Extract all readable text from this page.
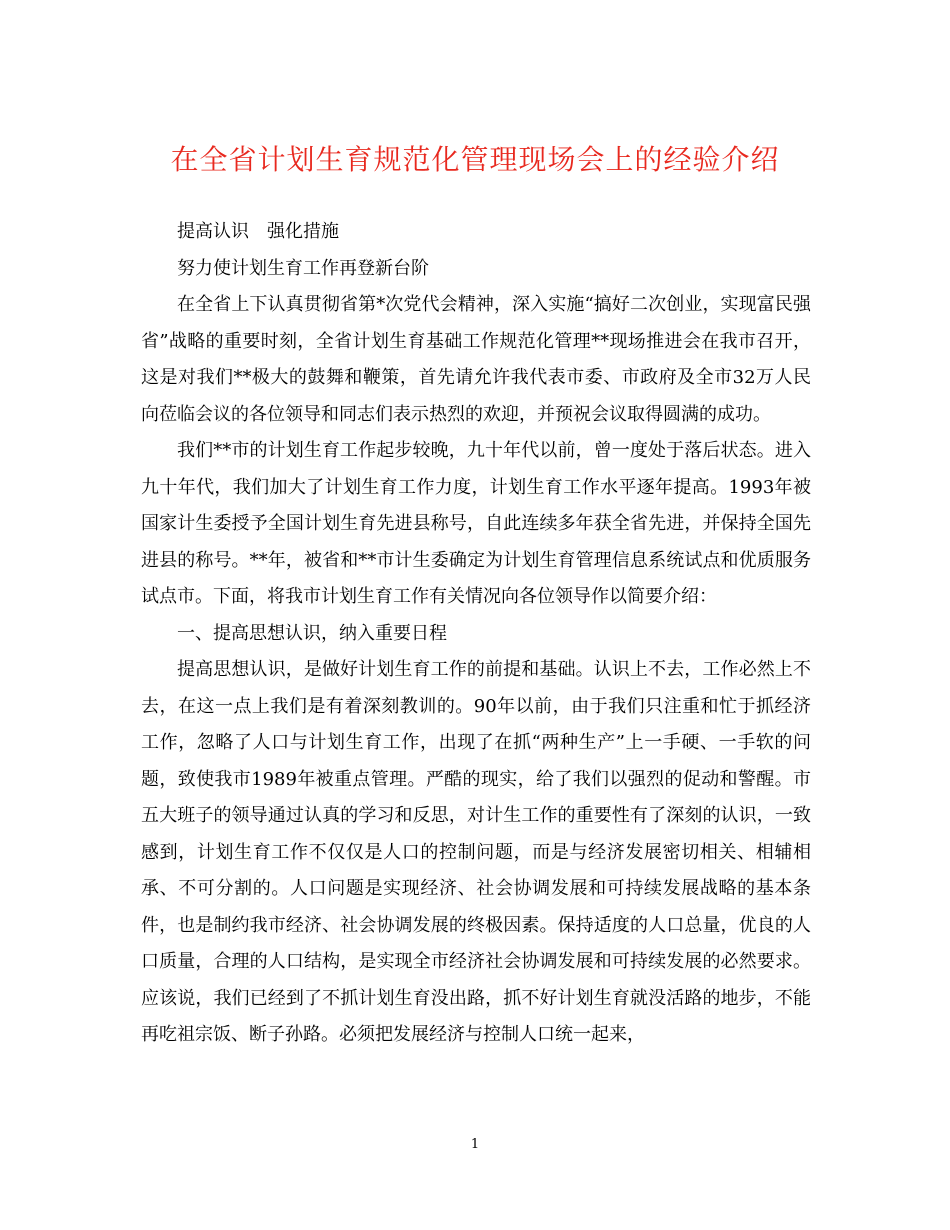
在全省计划生育规范化管理现场会上的经验介绍

提高认识　强化措施

努力使计划生育工作再登新台阶

在全省上下认真贯彻省第*次党代会精神，深入实施“搞好二次创业，实现富民强省”战略的重要时刻，全省计划生育基础工作规范化管理**现场推进会在我市召开，这是对我们**极大的鼓舞和鞭策，首先请允许我代表市委、市政府及全市32万人民向莅临会议的各位领导和同志们表示热烈的欢迎，并预祝会议取得圆满的成功。

我们**市的计划生育工作起步较晚，九十年代以前，曾一度处于落后状态。进入九十年代，我们加大了计划生育工作力度，计划生育工作水平逐年提高。1993年被国家计生委授予全国计划生育先进县称号，自此连续多年获全省先进，并保持全国先进县的称号。**年，被省和**市计生委确定为计划生育管理信息系统试点和优质服务试点市。下面，将我市计划生育工作有关情况向各位领导作以简要介绍：

一、提高思想认识，纳入重要日程

提高思想认识，是做好计划生育工作的前提和基础。认识上不去，工作必然上不去，在这一点上我们是有着深刻教训的。90年以前，由于我们只注重和忙于抓经济工作，忽略了人口与计划生育工作，出现了在抓“两种生产”上一手硬、一手软的问题，致使我市1989年被重点管理。严酷的现实，给了我们以强烈的促动和警醒。市五大班子的领导通过认真的学习和反思，对计生工作的重要性有了深刻的认识，一致感到，计划生育工作不仅仅是人口的控制问题，而是与经济发展密切相关、相辅相承、不可分割的。人口问题是实现经济、社会协调发展和可持续发展战略的基本条件，也是制约我市经济、社会协调发展的终极因素。保持适度的人口总量，优良的人口质量，合理的人口结构，是实现全市经济社会协调发展和可持续发展的必然要求。应该说，我们已经到了不抓计划生育没出路，抓不好计划生育就没活路的地步，不能再吃祖宗饭、断子孙路。必须把发展经济与控制人口统一起来，

1
